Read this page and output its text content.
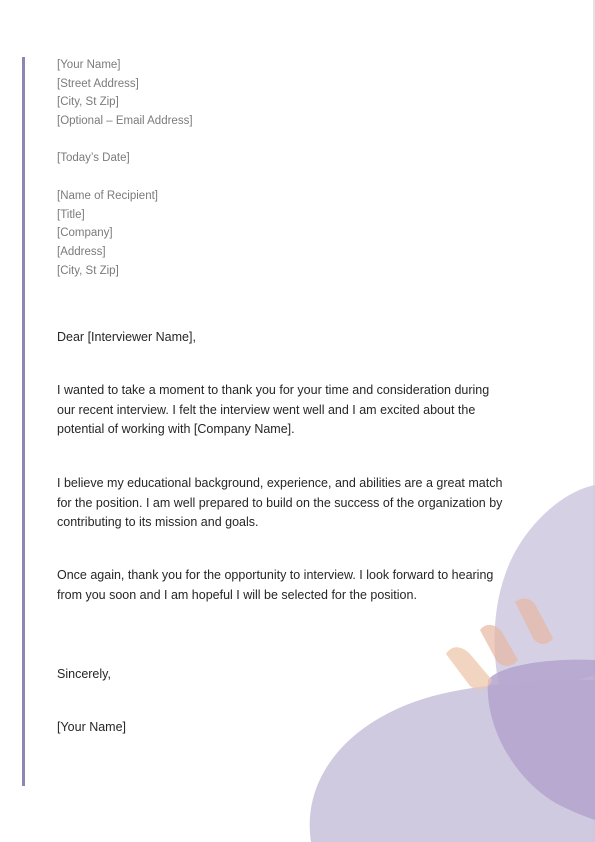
[Your Name]
[Street Address]
[City, St Zip]
[Optional – Email Address]
[Today’s Date]
[Name of Recipient]
[Title]
[Company]
[Address]
[City, St Zip]
Dear [Interviewer Name],
I wanted to take a moment to thank you for your time and consideration during
our recent interview. I felt the interview went well and I am excited about the
potential of working with [Company Name].
I believe my educational background, experience, and abilities are a great match
for the position. I am well prepared to build on the success of the organization by
contributing to its mission and goals.
Once again, thank you for the opportunity to interview. I look forward to hearing
from you soon and I am hopeful I will be selected for the position.
Sincerely,
[Your Name]
